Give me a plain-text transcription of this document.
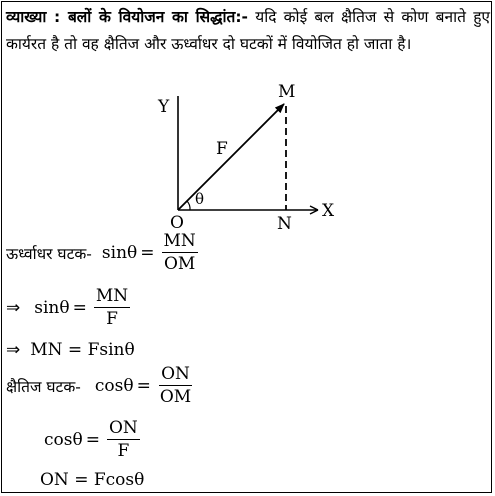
व्याख्या : बलों के वियोजन का सिद्धांत:- यदि कोई बल क्षैतिज से कोण बनाते हुए कार्यरत है तो वह क्षैतिज और ऊर्ध्वाधर दो घटकों में वियोजित हो जाता है।
Y
X
O
M
N
F
θ
ऊर्ध्वाधर घटक- $\sin\theta = \frac{MN}{OM}$
⇒ $\sin\theta = \frac{MN}{F}$
⇒ MN = Fsinθ
क्षैतिज घटक- $\cos\theta = \frac{ON}{OM}$
$\cos\theta = \frac{ON}{F}$
ON = Fcosθ
